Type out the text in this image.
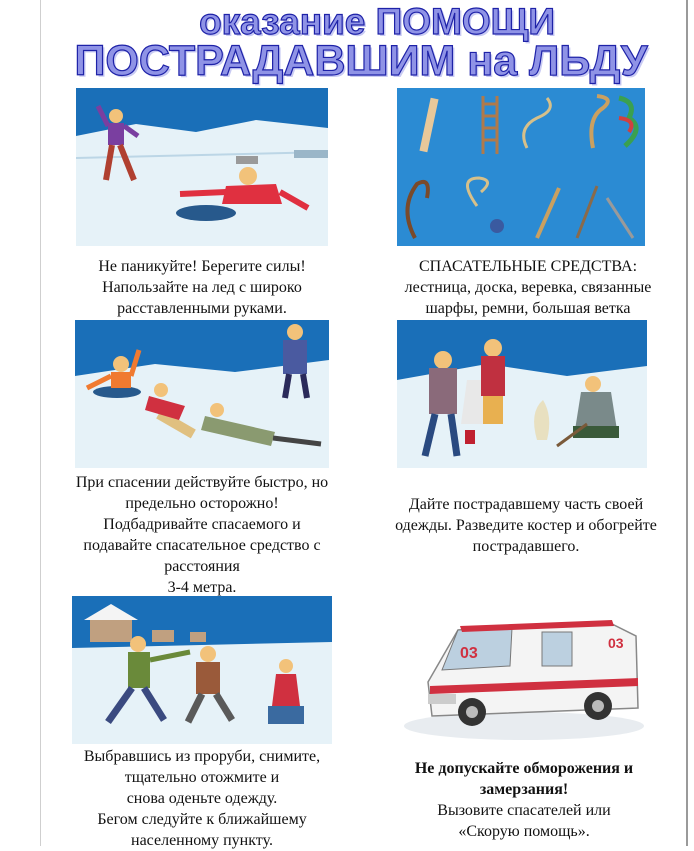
оказание ПОМОЩИ
ПОСТРАДАВШИМ на ЛЬДУ
Не паникуйте! Берегите силы!
Напользайте на лед с широко
расставленными руками.
СПАСАТЕЛЬНЫЕ СРЕДСТВА:
лестница, доска, веревка, связанные
шарфы, ремни, большая ветка
При спасении действуйте быстро, но
предельно осторожно!
Подбадривайте спасаемого и
подавайте спасательное средство с
расстояния
3-4 метра.
Дайте пострадавшему часть своей
одежды. Разведите костер и обогрейте
пострадавшего.
03
03
Выбравшись из проруби, снимите,
тщательно отожмите и
снова оденьте одежду.
Бегом следуйте к ближайшему
населенному пункту.
Не допускайте обморожения и
замерзания!
Вызовите спасателей или
«Скорую помощь».
